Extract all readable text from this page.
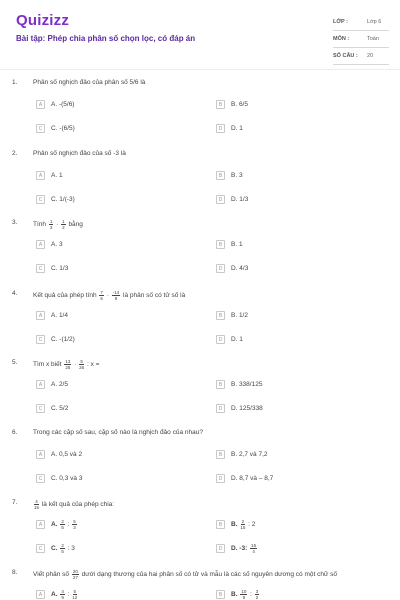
Quizizz
Bài tập: Phép chia phân số chọn lọc, có đáp án
LỚP :	Lớp 6
MÔN :	Toán
SỐ CÂU :	20
1. Phân số nghịch đảo của phân số 5/6 là
A	A. -(5/6)	B	B. 6/5
C	C. -(6/5)	D	D. 1
2. Phân số nghịch đảo của số -3 là
A	A. 1	B	B. 3
C	C. 1/(-3)	D	D. 1/3
3. Tính $\frac{1}{3} \cdot \frac{1}{2}$ bằng
A	A. 3	B	B. 1
C	C. 1/3	D	D. 4/3
4. Kết quả của phép tính $\frac{7}{6} \cdot \frac{-14}{9}$ là phân số có tử số là
A	A. 1/4	B	B. 1/2
C	C. -(1/2)	D	D. 1
5. Tìm x biết $\frac{13}{25} \cdot \frac{5}{26}$ : x =
A	A. 2/5	B	B. 338/125
C	C. 5/2	D	D. 125/338
6. Trong các cặp số sau, cặp số nào là nghịch đảo của nhau?
A	A. 0,5 và 2	B	B. 2,7 và 7,2
C	C. 0,3 và 3	D	D. 8,7 và – 8,7
7.	$\frac{4}{15}$ là kết quả của phép chia:
A	A. $\frac{2}{5}$ : $\frac{5}{3}$	B	B. $\frac{2}{15}$ : 2
C	C. $\frac{2}{5}$ : 3	D	D. -3: $\frac{15}{4}$
8. Viết phân số $\frac{20}{27}$ dưới dạng thương của hai phân số có tử và mẫu là các số nguyên dương có một chữ số
A	A. $\frac{4}{9}$ : $\frac{5}{12}$	B	B. $\frac{10}{9}$ : $\frac{3}{2}$
